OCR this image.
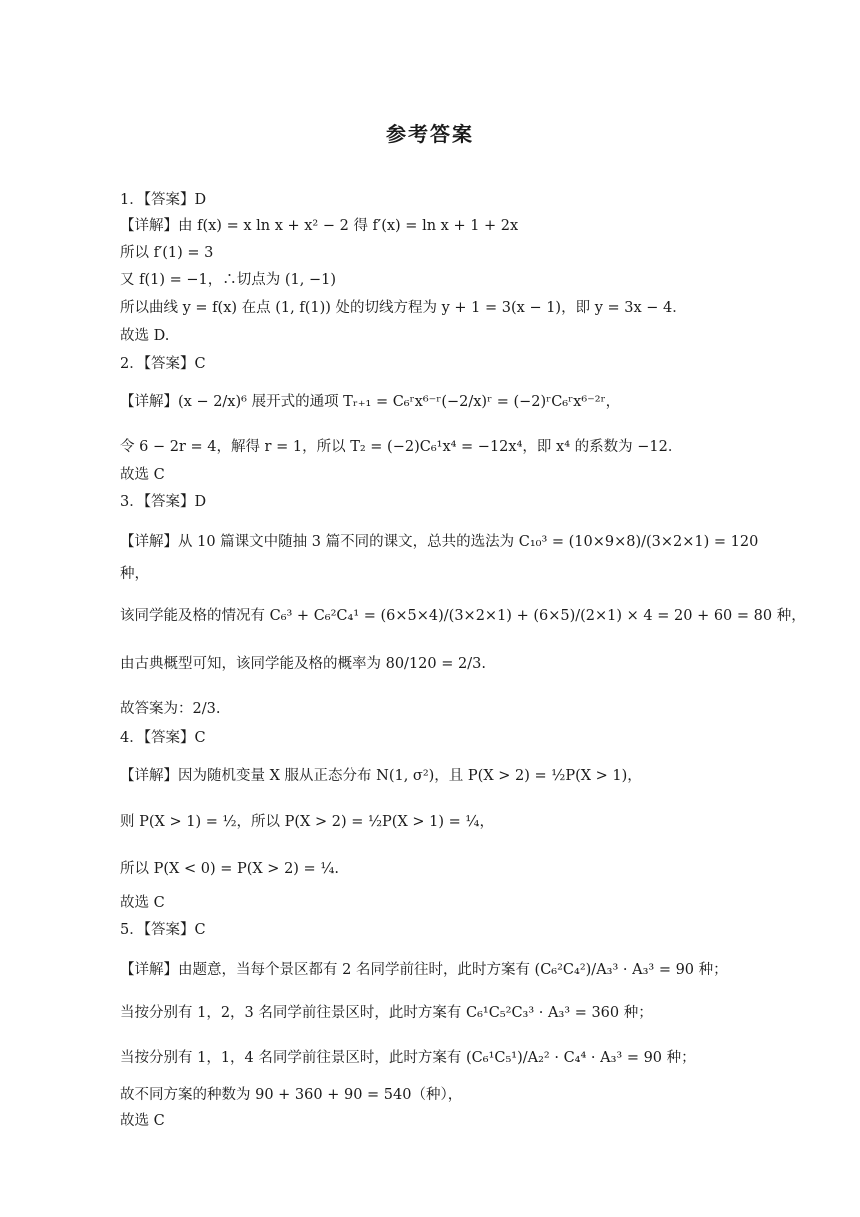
参考答案
1．【答案】D
【详解】由 f(x) = x ln x + x² − 2 得 f′(x) = ln x + 1 + 2x
所以 f′(1) = 3
又 f(1) = −1，∴切点为 (1, −1)
所以曲线 y = f(x) 在点 (1, f(1)) 处的切线方程为 y + 1 = 3(x − 1)，即 y = 3x − 4．
故选 D.
2．【答案】C
【详解】(x − 2/x)⁶ 展开式的通项 Tᵣ₊₁ = C₆ʳx⁶⁻ʳ(−2/x)ʳ = (−2)ʳC₆ʳx⁶⁻²ʳ，
令 6 − 2r = 4，解得 r = 1，所以 T₂ = (−2)C₆¹x⁴ = −12x⁴，即 x⁴ 的系数为 −12．
故选 C
3．【答案】D
【详解】从 10 篇课文中随抽 3 篇不同的课文，总共的选法为 C₁₀³ = (10×9×8)/(3×2×1) = 120
种，
该同学能及格的情况有 C₆³ + C₆²C₄¹ = (6×5×4)/(3×2×1) + (6×5)/(2×1) × 4 = 20 + 60 = 80 种，
由古典概型可知，该同学能及格的概率为 80/120 = 2/3.
故答案为：2/3.
4．【答案】C
【详解】因为随机变量 X 服从正态分布 N(1, σ²)，且 P(X > 2) = ½P(X > 1)，
则 P(X > 1) = ½，所以 P(X > 2) = ½P(X > 1) = ¼，
所以 P(X < 0) = P(X > 2) = ¼.
故选 C
5．【答案】C
【详解】由题意，当每个景区都有 2 名同学前往时，此时方案有 (C₆²C₄²)/A₃³ · A₃³ = 90 种；
当按分别有 1，2，3 名同学前往景区时，此时方案有 C₆¹C₅²C₃³ · A₃³ = 360 种；
当按分别有 1，1，4 名同学前往景区时，此时方案有 (C₆¹C₅¹)/A₂² · C₄⁴ · A₃³ = 90 种；
故不同方案的种数为 90 + 360 + 90 = 540（种），
故选 C
